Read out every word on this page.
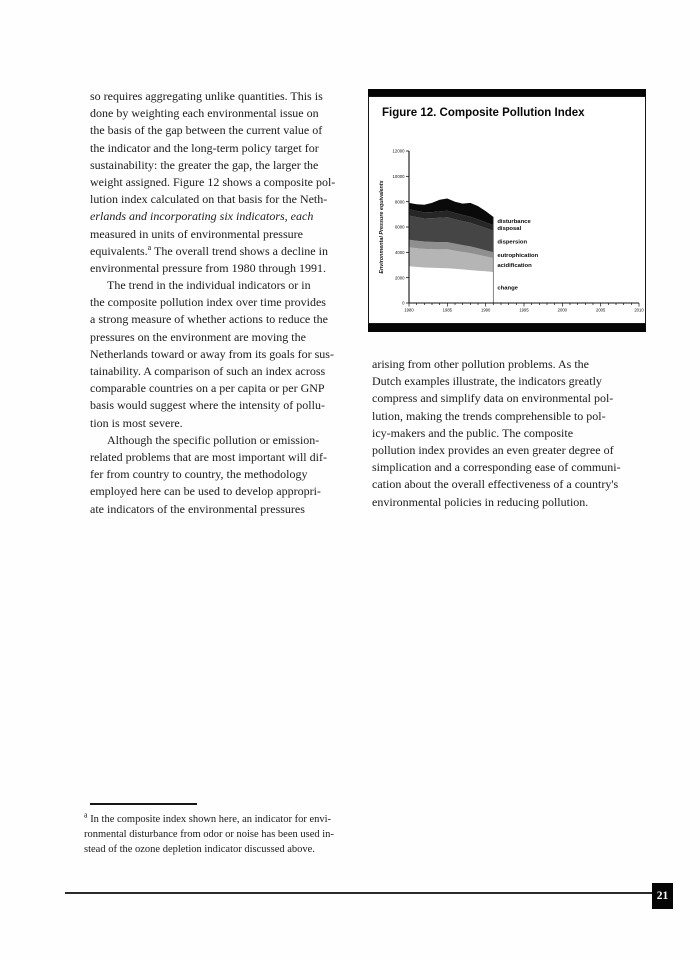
so requires aggregating unlike quantities. This is
done by weighting each environmental issue on
the basis of the gap between the current value of
the indicator and the long-term policy target for
sustainability: the greater the gap, the larger the
weight assigned. Figure 12 shows a composite pol-
lution index calculated on that basis for the Neth-
erlands and incorporating six indicators, each
measured in units of environmental pressure
equivalents.$^a$ The overall trend shows a decline in
environmental pressure from 1980 through 1991.
The trend in the individual indicators or in
the composite pollution index over time provides
a strong measure of whether actions to reduce the
pressures on the environment are moving the
Netherlands toward or away from its goals for sus-
tainability. A comparison of such an index across
comparable countries on a per capita or per GNP
basis would suggest where the intensity of pollu-
tion is most severe.
Although the specific pollution or emission-
related problems that are most important will dif-
fer from country to country, the methodology
employed here can be used to develop appropri-
ate indicators of the environmental pressures
Figure 12. Composite Pollution Index
0
2000
4000
6000
8000
10000
12000
1980	1985	1990	1995	2000	2005	2010
Environmental Pressure equivalents
change
acidification
eutrophication
dispersion
disposal
disturbance
arising from other pollution problems. As the
Dutch examples illustrate, the indicators greatly
compress and simplify data on environmental pol-
lution, making the trends comprehensible to pol-
icy-makers and the public. The composite
pollution index provides an even greater degree of
simplication and a corresponding ease of communi-
cation about the overall effectiveness of a country's
environmental policies in reducing pollution.
$^a$ In the composite index shown here, an indicator for envi-
ronmental disturbance from odor or noise has been used in-
stead of the ozone depletion indicator discussed above.
21
